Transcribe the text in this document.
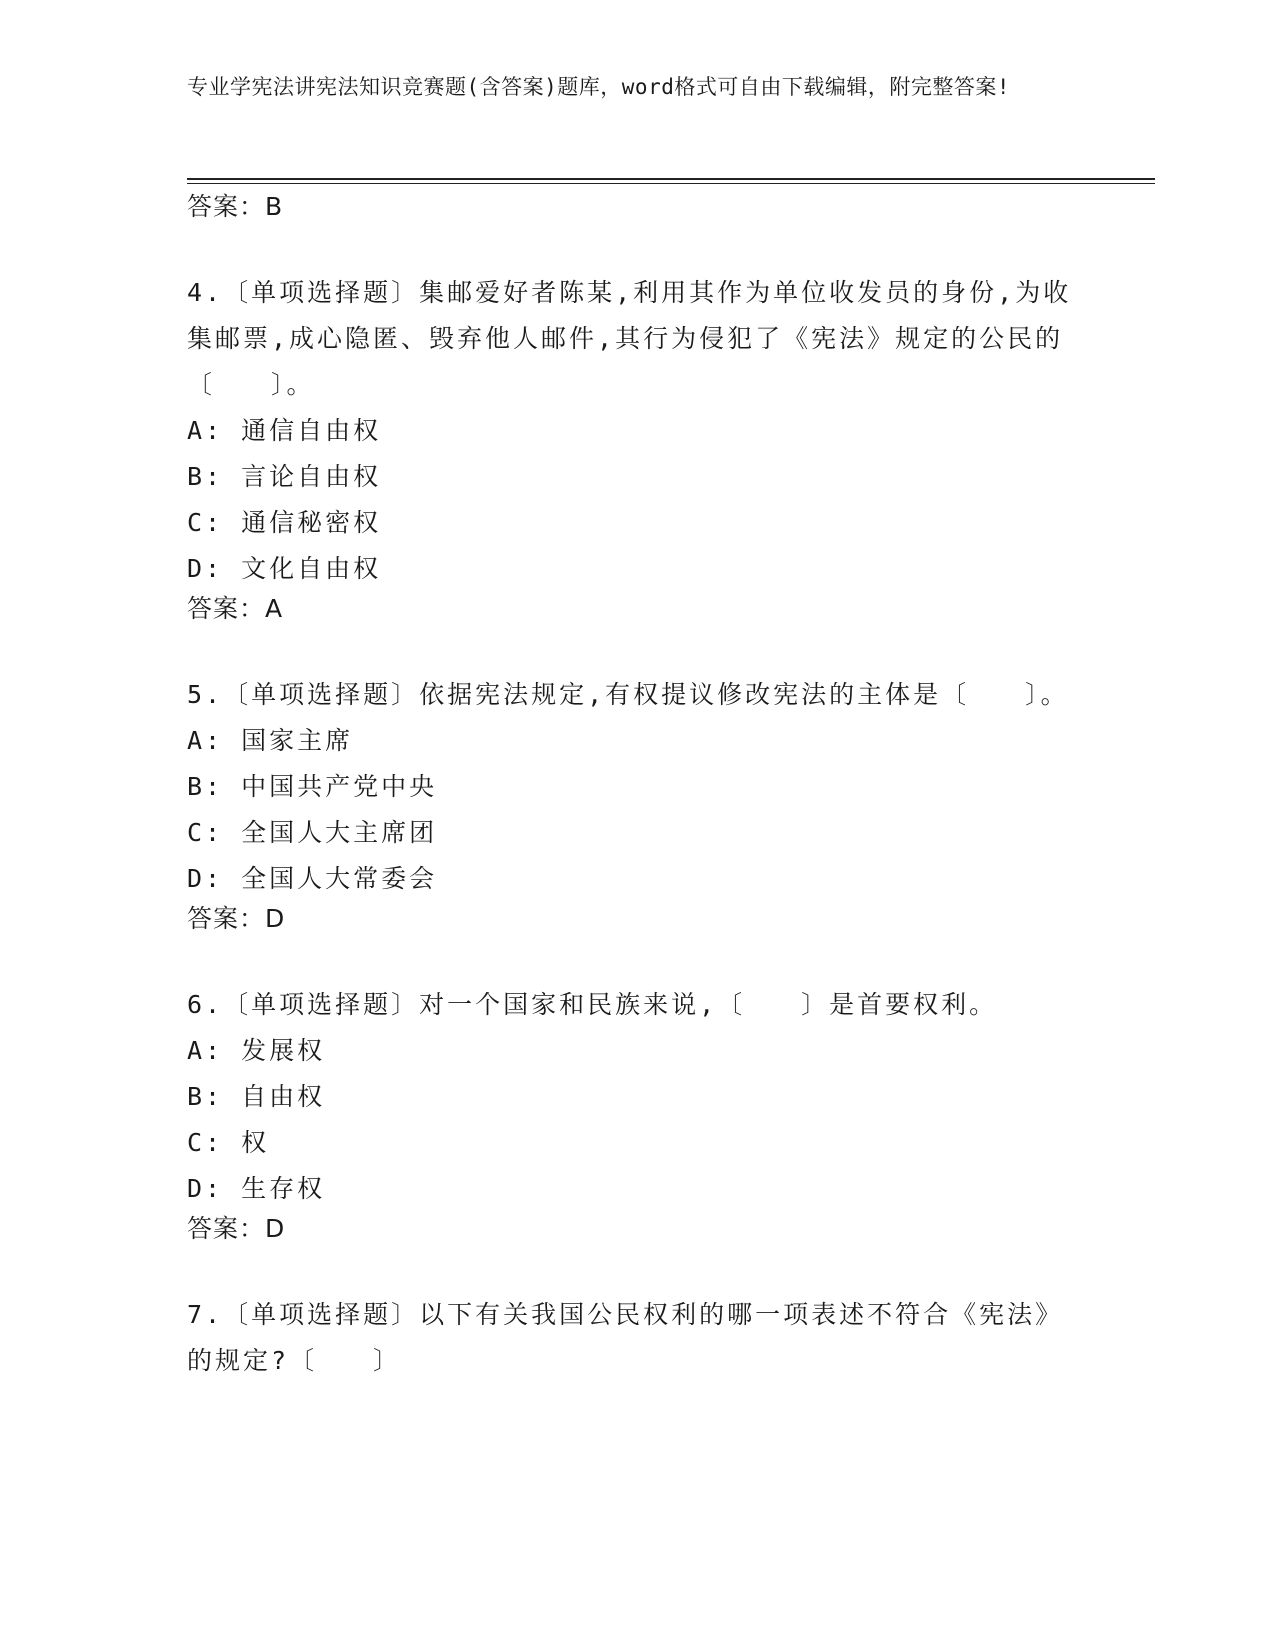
专业学宪法讲宪法知识竞赛题(含答案)题库，word格式可自由下载编辑，附完整答案!

答案：B

4.〔单项选择题〕集邮爱好者陈某,利用其作为单位收发员的身份,为收集邮票,成心隐匿、毁弃他人邮件,其行为侵犯了《宪法》规定的公民的〔　　〕。

A: 通信自由权

B: 言论自由权

C: 通信秘密权

D: 文化自由权

答案：A

5.〔单项选择题〕依据宪法规定,有权提议修改宪法的主体是〔　　〕。

A: 国家主席

B: 中国共产党中央

C: 全国人大主席团

D: 全国人大常委会

答案：D

6.〔单项选择题〕对一个国家和民族来说,〔　　〕是首要权利。

A: 发展权

B: 自由权

C: 权

D: 生存权

答案：D

7.〔单项选择题〕以下有关我国公民权利的哪一项表述不符合《宪法》的规定?〔　　〕
